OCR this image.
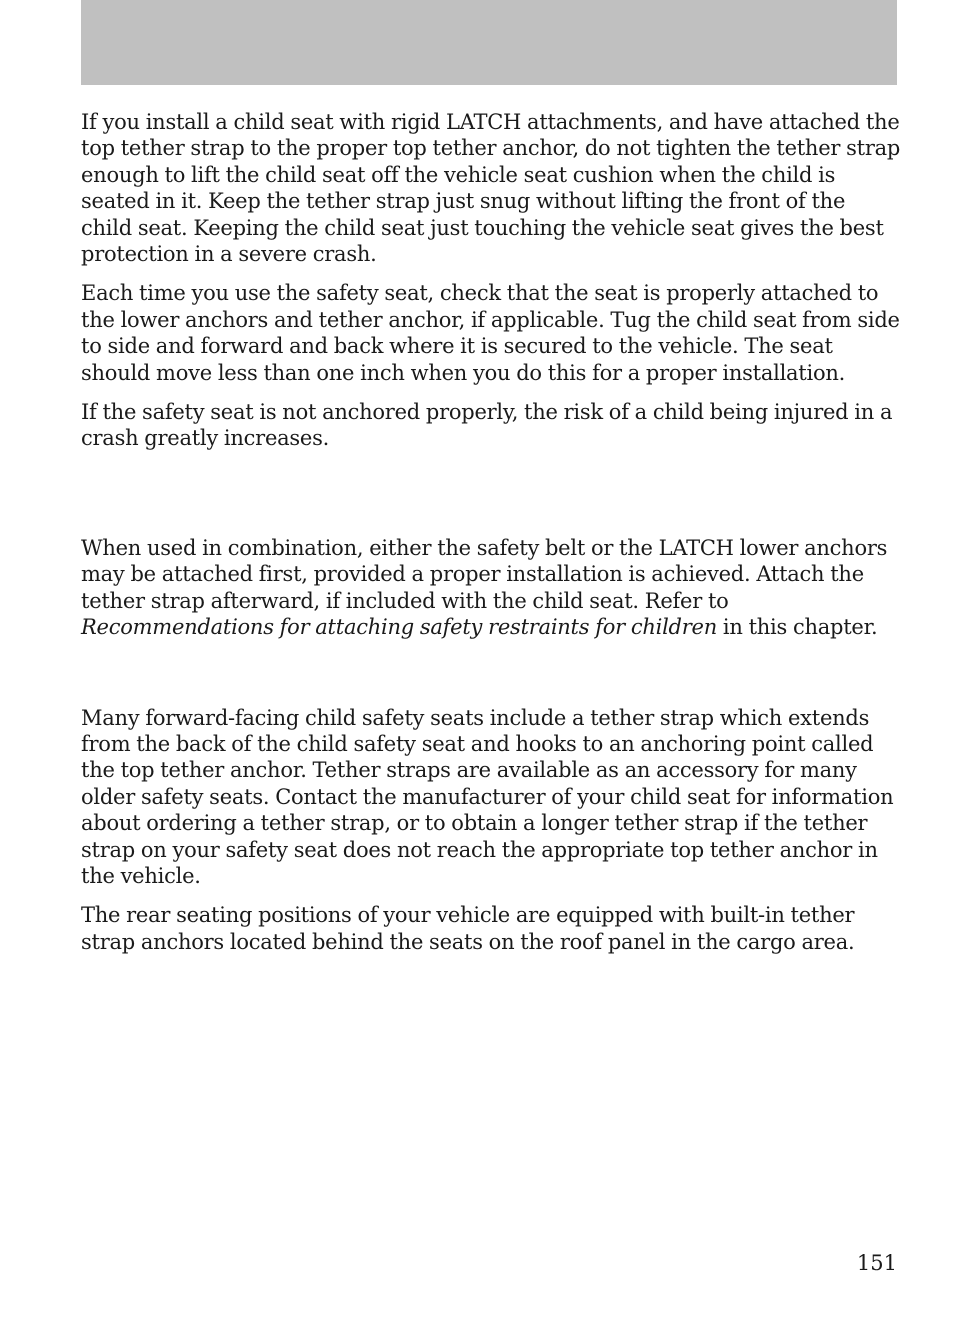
If you install a child seat with rigid LATCH attachments, and have attached the top tether strap to the proper top tether anchor, do not tighten the tether strap enough to lift the child seat off the vehicle seat cushion when the child is seated in it. Keep the tether strap just snug without lifting the front of the child seat. Keeping the child seat just touching the vehicle seat gives the best protection in a severe crash.

Each time you use the safety seat, check that the seat is properly attached to the lower anchors and tether anchor, if applicable. Tug the child seat from side to side and forward and back where it is secured to the vehicle. The seat should move less than one inch when you do this for a proper installation.

If the safety seat is not anchored properly, the risk of a child being injured in a crash greatly increases.

When used in combination, either the safety belt or the LATCH lower anchors may be attached first, provided a proper installation is achieved. Attach the tether strap afterward, if included with the child seat. Refer to Recommendations for attaching safety restraints for children in this chapter.

Many forward-facing child safety seats include a tether strap which extends from the back of the child safety seat and hooks to an anchoring point called the top tether anchor. Tether straps are available as an accessory for many older safety seats. Contact the manufacturer of your child seat for information about ordering a tether strap, or to obtain a longer tether strap if the tether strap on your safety seat does not reach the appropriate top tether anchor in the vehicle.

The rear seating positions of your vehicle are equipped with built-in tether strap anchors located behind the seats on the roof panel in the cargo area.

151
